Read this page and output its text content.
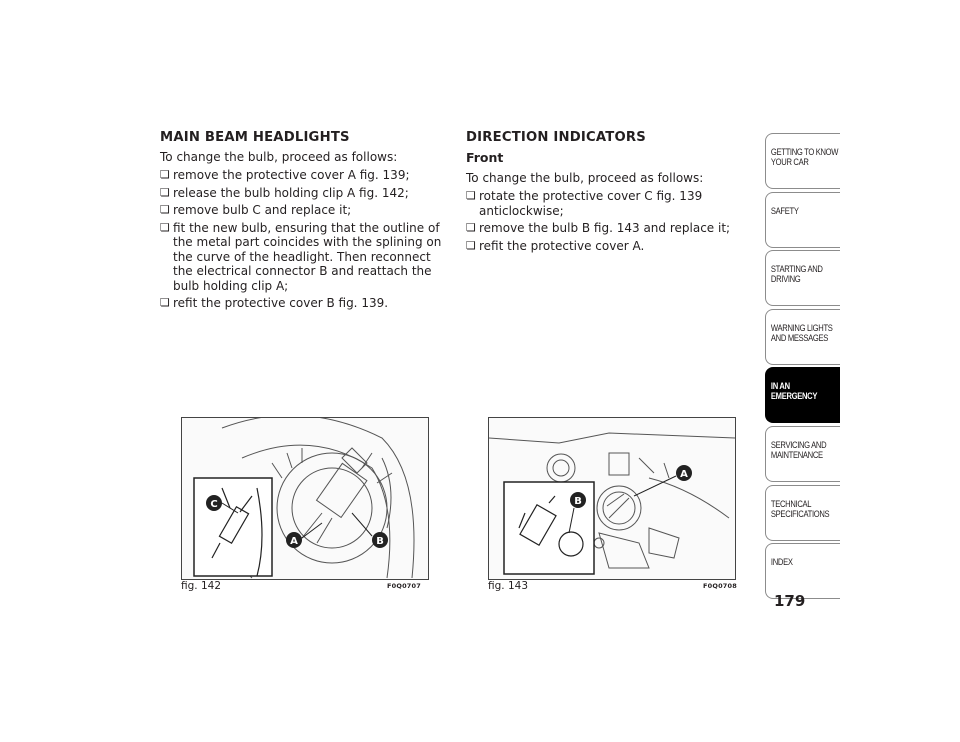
MAIN BEAM HEADLIGHTS

To change the bulb, proceed as follows:

❏ remove the protective cover A fig. 139;
❏ release the bulb holding clip A fig. 142;
❏ remove bulb C and replace it;
❏ fit the new bulb, ensuring that the outline of the metal part coincides with the splining on the curve of the headlight. Then reconnect the electrical connector B and reattach the bulb holding clip A;
❏ refit the protective cover B fig. 139.
DIRECTION INDICATORS
Front

To change the bulb, proceed as follows:

❏ rotate the protective cover C fig. 139 anticlockwise;
❏ remove the bulb B fig. 143 and replace it;
❏ refit the protective cover A.
C
A	B
fig. 142	F0Q0707
A
B
fig. 143	F0Q0708
GETTING TO KNOW
YOUR CAR
SAFETY
STARTING AND
DRIVING
WARNING LIGHTS
AND MESSAGES
IN AN
EMERGENCY
SERVICING AND
MAINTENANCE
TECHNICAL
SPECIFICATIONS
INDEX
179
